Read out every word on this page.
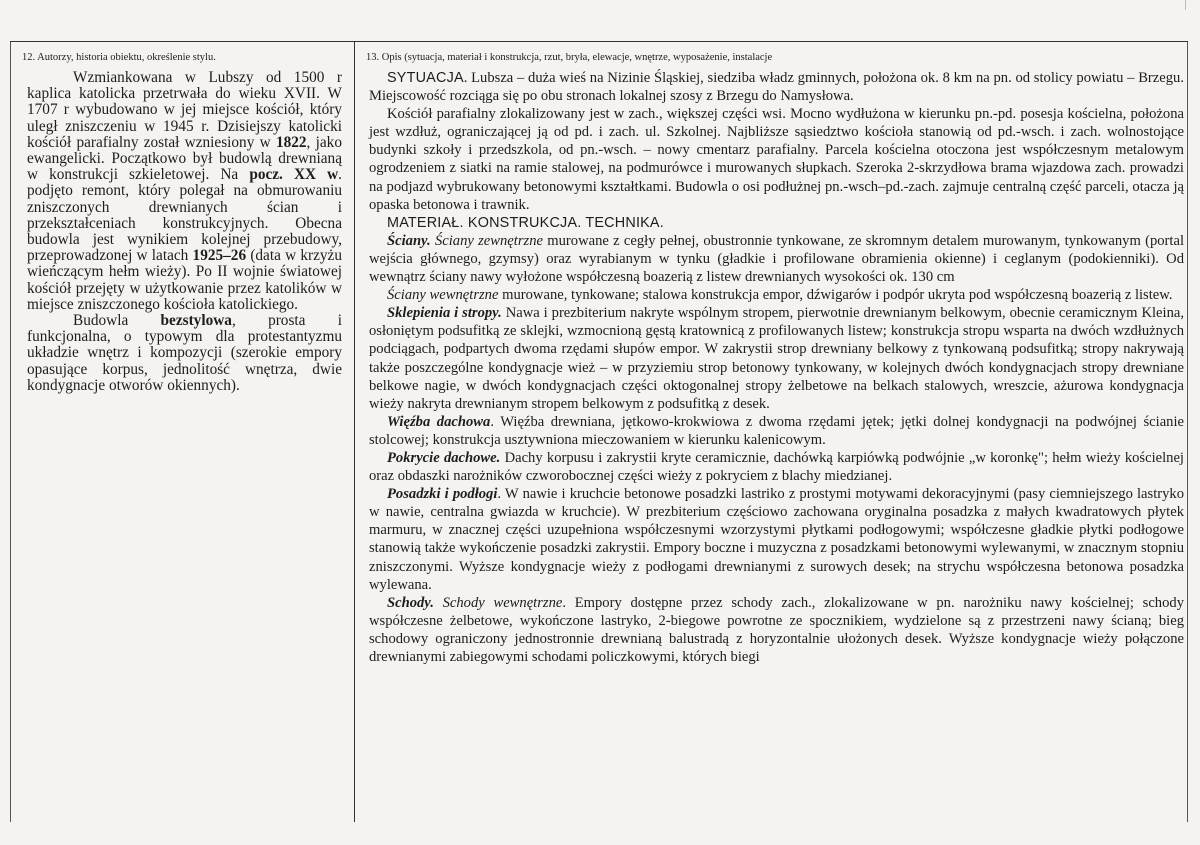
12. Autorzy, historia obiektu, określenie stylu.

Wzmiankowana w Lubszy od 1500 r kaplica katolicka przetrwała do wieku XVII. W 1707 r wybudowano w jej miejsce kościół, który uległ zniszczeniu w 1945 r. Dzisiejszy katolicki kościół parafialny został wzniesiony w 1822, jako ewangelicki. Początkowo był budowlą drewnianą w konstrukcji szkieletowej. Na pocz. XX w. podjęto remont, który polegał na obmurowaniu zniszczonych drewnianych ścian i przekształceniach konstrukcyjnych. Obecna budowla jest wynikiem kolejnej przebudowy, przeprowadzonej w latach 1925–26 (data w krzyżu wieńczącym hełm wieży). Po II wojnie światowej kościół przejęty w użytkowanie przez katolików w miejsce zniszczonego kościoła katolickiego.

Budowla bezstylowa, prosta i funkcjonalna, o typowym dla protestantyzmu układzie wnętrz i kompozycji (szerokie empory opasujące korpus, jednolitość wnętrza, dwie kondygnacje otworów okiennych).

13. Opis (sytuacja, materiał i konstrukcja, rzut, bryła, elewacje, wnętrze, wyposażenie, instalacje

SYTUACJA. Lubsza – duża wieś na Nizinie Śląskiej, siedziba władz gminnych, położona ok. 8 km na pn. od stolicy powiatu – Brzegu. Miejscowość rozciąga się po obu stronach lokalnej szosy z Brzegu do Namysłowa.

Kościół parafialny zlokalizowany jest w zach., większej części wsi. Mocno wydłużona w kierunku pn.-pd. posesja kościelna, położona jest wzdłuż, ograniczającej ją od pd. i zach. ul. Szkolnej. Najbliższe sąsiedztwo kościoła stanowią od pd.-wsch. i zach. wolnostojące budynki szkoły i przedszkola, od pn.-wsch. – nowy cmentarz parafialny. Parcela kościelna otoczona jest współczesnym metalowym ogrodzeniem z siatki na ramie stalowej, na podmurówce i murowanych słupkach. Szeroka 2-skrzydłowa brama wjazdowa zach. prowadzi na podjazd wybrukowany betonowymi kształtkami. Budowla o osi podłużnej pn.-wsch–pd.-zach. zajmuje centralną część parceli, otacza ją opaska betonowa i trawnik.

MATERIAŁ. KONSTRUKCJA. TECHNIKA.

Ściany. Ściany zewnętrzne murowane z cegły pełnej, obustronnie tynkowane, ze skromnym detalem murowanym, tynkowanym (portal wejścia głównego, gzymsy) oraz wyrabianym w tynku (gładkie i profilowane obramienia okienne) i ceglanym (podokienniki). Od wewnątrz ściany nawy wyłożone współczesną boazerią z listew drewnianych wysokości ok. 130 cm

Ściany wewnętrzne murowane, tynkowane; stalowa konstrukcja empor, dźwigarów i podpór ukryta pod współczesną boazerią z listew.

Sklepienia i stropy. Nawa i prezbiterium nakryte wspólnym stropem, pierwotnie drewnianym belkowym, obecnie ceramicznym Kleina, osłoniętym podsufitką ze sklejki, wzmocnioną gęstą kratownicą z profilowanych listew; konstrukcja stropu wsparta na dwóch wzdłużnych podciągach, podpartych dwoma rzędami słupów empor. W zakrystii strop drewniany belkowy z tynkowaną podsufitką; stropy nakrywają także poszczególne kondygnacje wież – w przyziemiu strop betonowy tynkowany, w kolejnych dwóch kondygnacjach stropy drewniane belkowe nagie, w dwóch kondygnacjach części oktogonalnej stropy żelbetowe na belkach stalowych, wreszcie, ażurowa kondygnacja wieży nakryta drewnianym stropem belkowym z podsufitką z desek.

Więźba dachowa. Więźba drewniana, jętkowo-krokwiowa z dwoma rzędami jętek; jętki dolnej kondygnacji na podwójnej ścianie stolcowej; konstrukcja usztywniona mieczowaniem w kierunku kalenicowym.

Pokrycie dachowe. Dachy korpusu i zakrystii kryte ceramicznie, dachówką karpiówką podwójnie „w koronkę"; hełm wieży kościelnej oraz obdaszki narożników czworobocznej części wieży z pokryciem z blachy miedzianej.

Posadzki i podłogi. W nawie i kruchcie betonowe posadzki lastriko z prostymi motywami dekoracyjnymi (pasy ciemniejszego lastryko w nawie, centralna gwiazda w kruchcie). W prezbiterium częściowo zachowana oryginalna posadzka z małych kwadratowych płytek marmuru, w znacznej części uzupełniona współczesnymi wzorzystymi płytkami podłogowymi; współczesne gładkie płytki podłogowe stanowią także wykończenie posadzki zakrystii. Empory boczne i muzyczna z posadzkami betonowymi wylewanymi, w znacznym stopniu zniszczonymi. Wyższe kondygnacje wieży z podłogami drewnianymi z surowych desek; na strychu współczesna betonowa posadzka wylewana.

Schody. Schody wewnętrzne. Empory dostępne przez schody zach., zlokalizowane w pn. narożniku nawy kościelnej; schody współczesne żelbetowe, wykończone lastryko, 2-biegowe powrotne ze spocznikiem, wydzielone są z przestrzeni nawy ścianą; bieg schodowy ograniczony jednostronnie drewnianą balustradą z horyzontalnie ułożonych desek. Wyższe kondygnacje wieży połączone drewnianymi zabiegowymi schodami policzkowymi, których biegi
